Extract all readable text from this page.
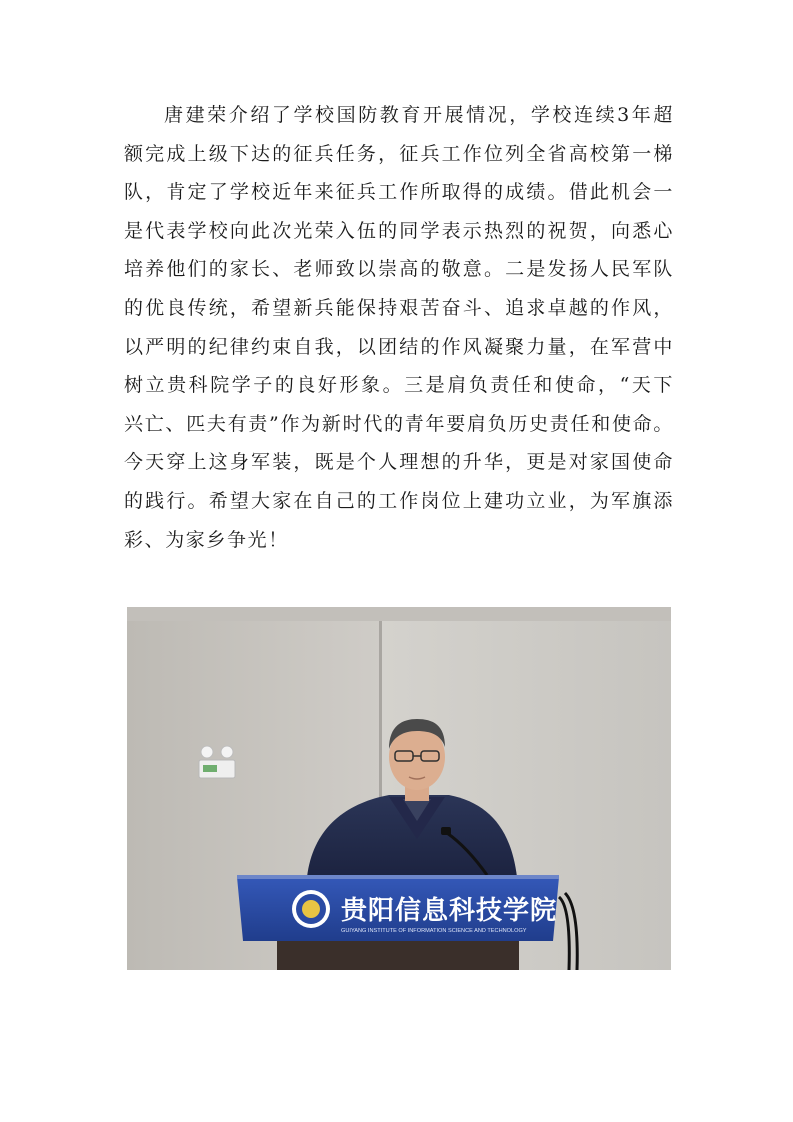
唐建荣介绍了学校国防教育开展情况，学校连续3年超
额完成上级下达的征兵任务，征兵工作位列全省高校第一梯
队，肯定了学校近年来征兵工作所取得的成绩。借此机会一
是代表学校向此次光荣入伍的同学表示热烈的祝贺，向悉心
培养他们的家长、老师致以崇高的敬意。二是发扬人民军队
的优良传统，希望新兵能保持艰苦奋斗、追求卓越的作风，
以严明的纪律约束自我，以团结的作风凝聚力量，在军营中
树立贵科院学子的良好形象。三是肩负责任和使命，“天下
兴亡、匹夫有责”作为新时代的青年要肩负历史责任和使命。
今天穿上这身军装，既是个人理想的升华，更是对家国使命
的践行。希望大家在自己的工作岗位上建功立业，为军旗添
彩、为家乡争光！
贵阳信息科技学院
GUIYANG INSTITUTE OF INFORMATION SCIENCE AND TECHNOLOGY
